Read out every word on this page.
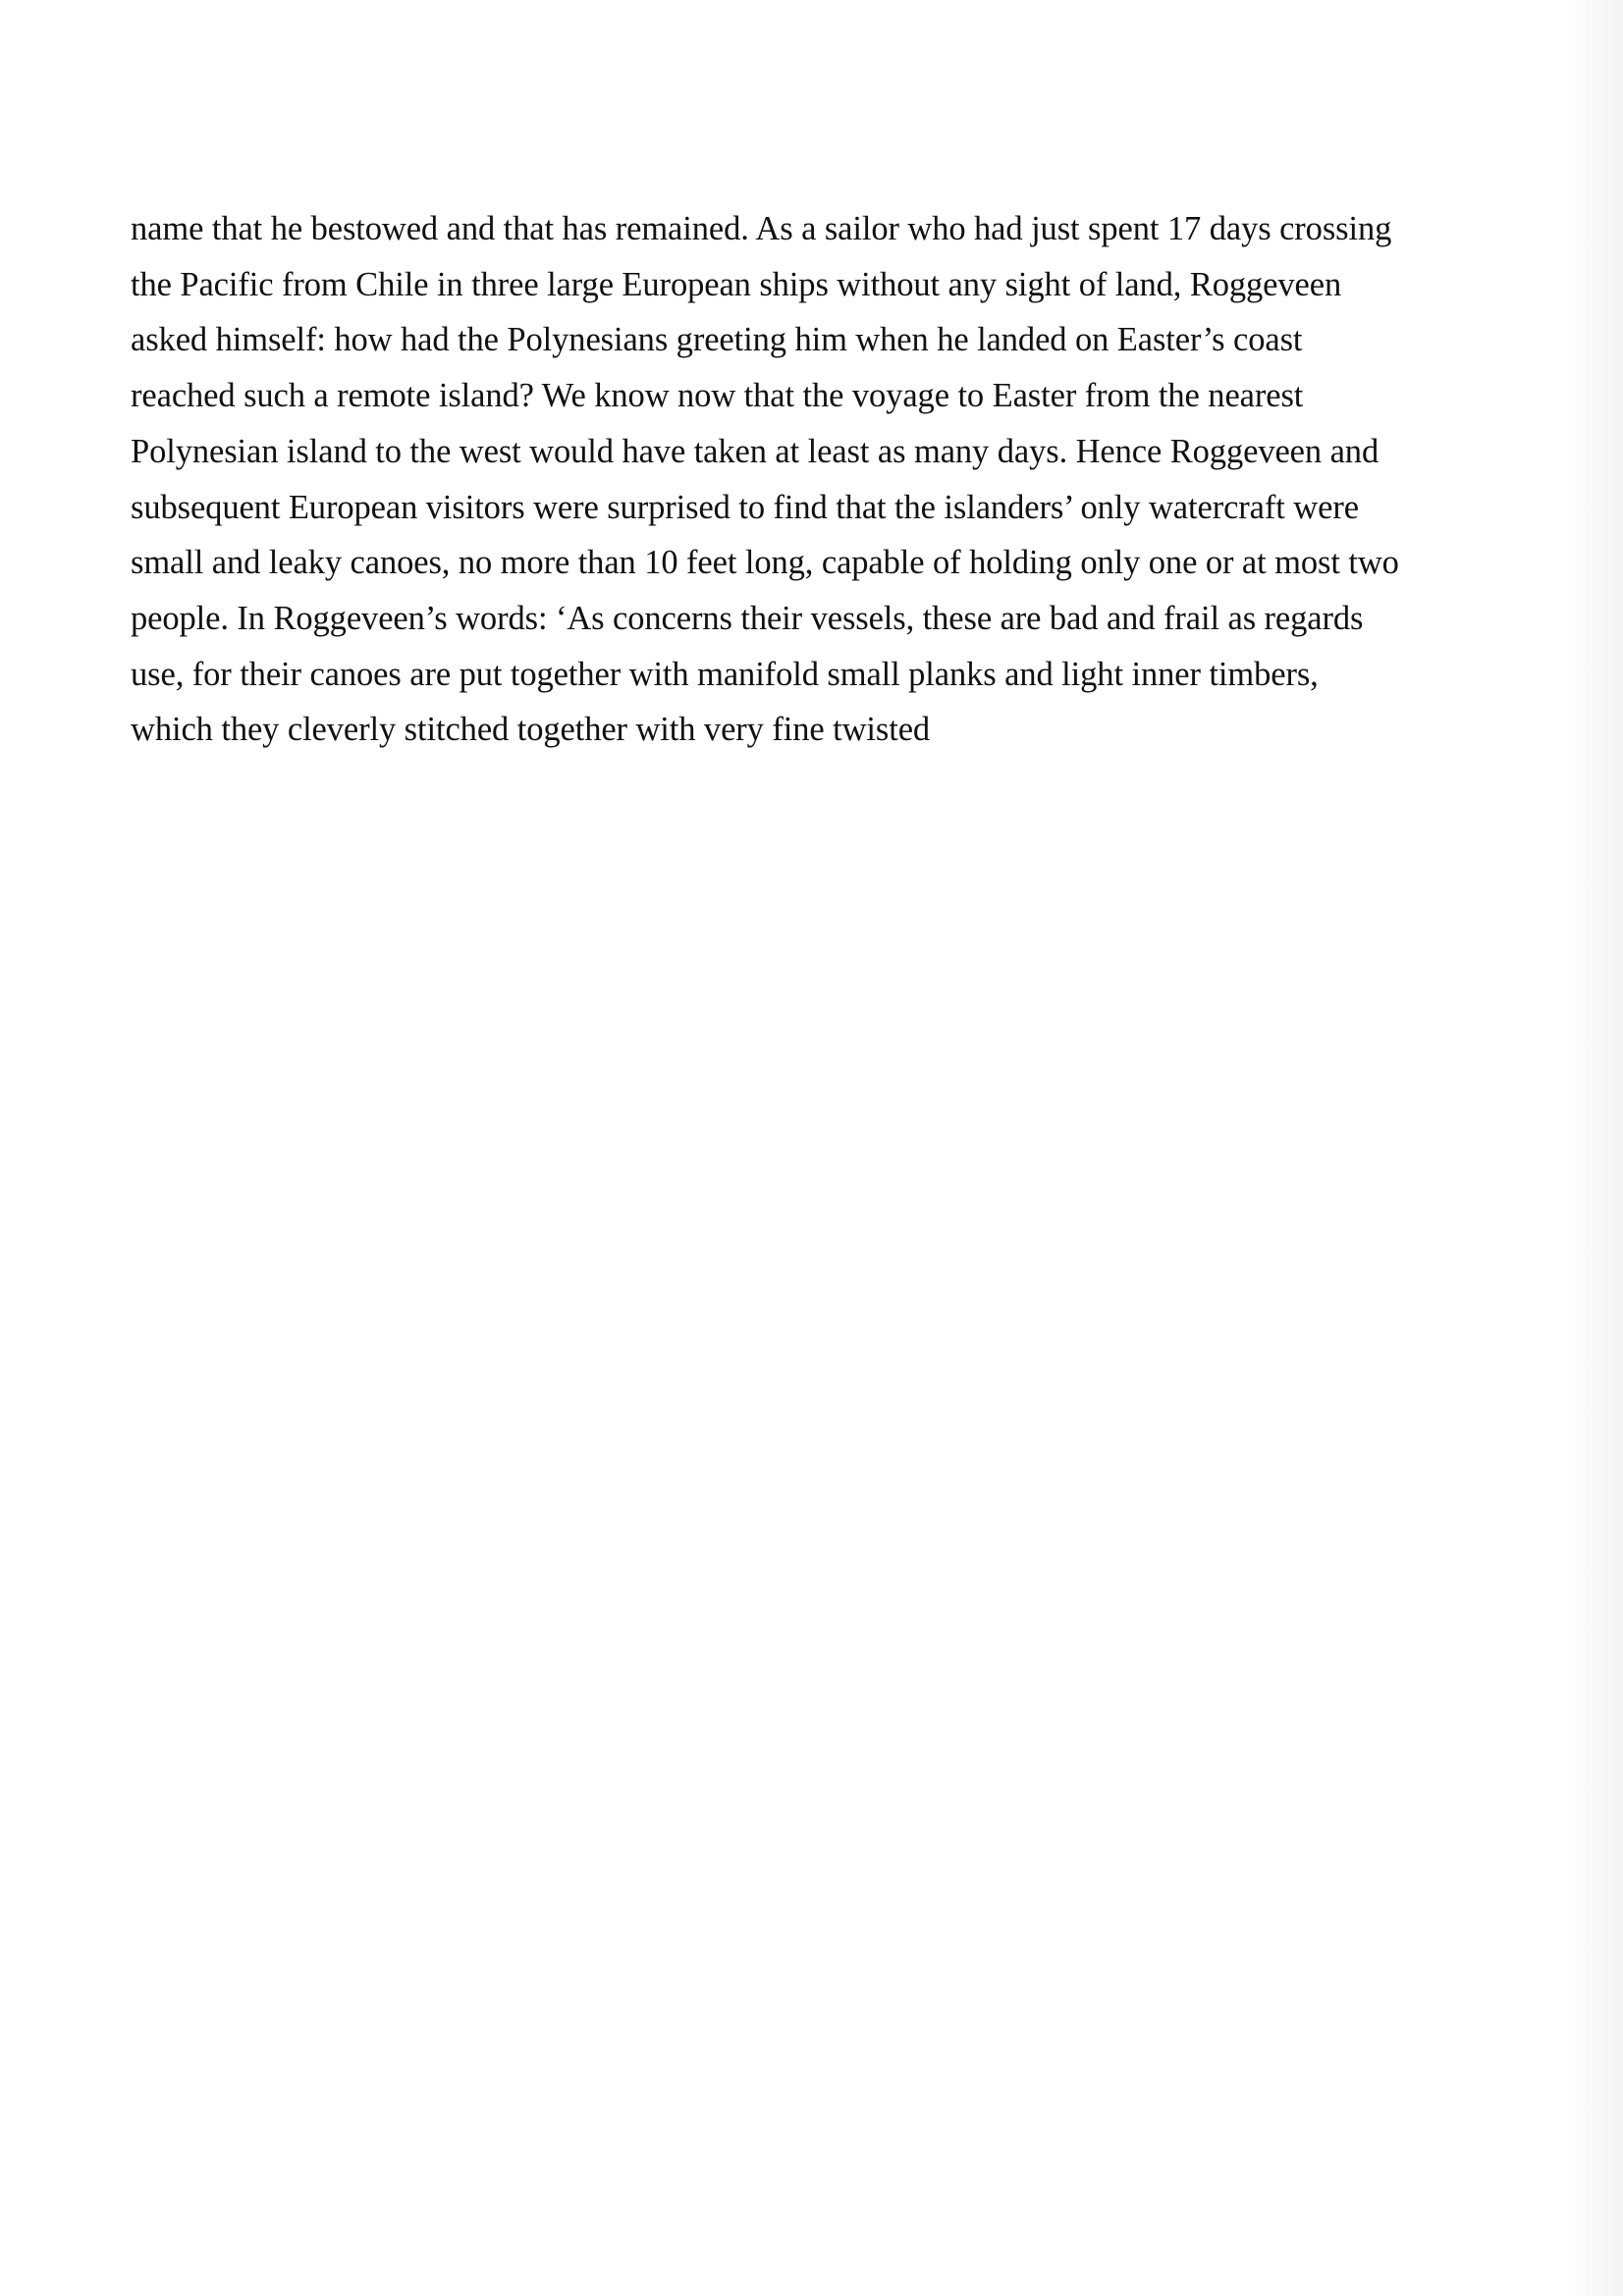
name that he bestowed and that has remained. As a sailor who had just spent 17 days crossing
the Pacific from Chile in three large European ships without any sight of land, Roggeveen
asked himself: how had the Polynesians greeting him when he landed on Easter’s coast
reached such a remote island? We know now that the voyage to Easter from the nearest
Polynesian island to the west would have taken at least as many days. Hence Roggeveen and
subsequent European visitors were surprised to find that the islanders’ only watercraft were
small and leaky canoes, no more than 10 feet long, capable of holding only one or at most two
people. In Roggeveen’s words: ‘As concerns their vessels, these are bad and frail as regards
use, for their canoes are put together with manifold small planks and light inner timbers,
which they cleverly stitched together with very fine twisted
